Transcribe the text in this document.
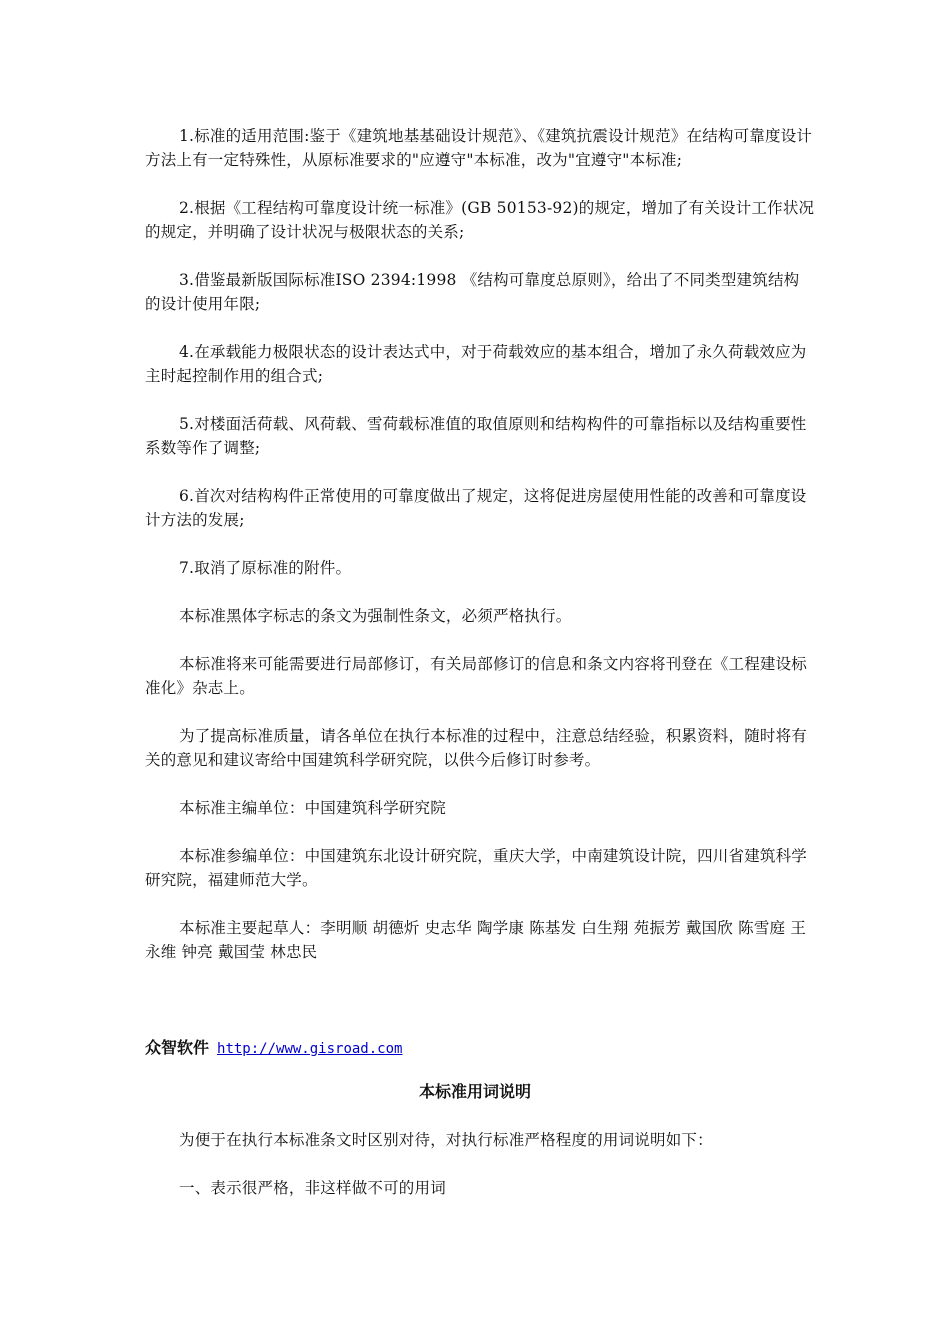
1.标准的适用范围:鉴于《建筑地基基础设计规范》、《建筑抗震设计规范》在结构可靠度设计方法上有一定特殊性，从原标准要求的"应遵守"本标准，改为"宜遵守"本标准;

2.根据《工程结构可靠度设计统一标准》(GB 50153-92)的规定，增加了有关设计工作状况的规定，并明确了设计状况与极限状态的关系;

3.借鉴最新版国际标准ISO 2394:1998 《结构可靠度总原则》，给出了不同类型建筑结构的设计使用年限;

4.在承载能力极限状态的设计表达式中，对于荷载效应的基本组合，增加了永久荷载效应为主时起控制作用的组合式;

5.对楼面活荷载、风荷载、雪荷载标准值的取值原则和结构构件的可靠指标以及结构重要性系数等作了调整;

6.首次对结构构件正常使用的可靠度做出了规定，这将促进房屋使用性能的改善和可靠度设计方法的发展;

7.取消了原标准的附件。

本标准黑体字标志的条文为强制性条文，必须严格执行。

本标准将来可能需要进行局部修订，有关局部修订的信息和条文内容将刊登在《工程建设标准化》杂志上。

为了提高标准质量，请各单位在执行本标准的过程中，注意总结经验，积累资料，随时将有关的意见和建议寄给中国建筑科学研究院，以供今后修订时参考。

本标准主编单位：中国建筑科学研究院

本标准参编单位：中国建筑东北设计研究院，重庆大学，中南建筑设计院，四川省建筑科学研究院，福建师范大学。

本标准主要起草人：李明顺 胡德炘 史志华 陶学康 陈基发 白生翔 苑振芳 戴国欣 陈雪庭 王永维 钟亮 戴国莹 林忠民

众智软件 http://www.gisroad.com
本标准用词说明

为便于在执行本标准条文时区别对待，对执行标准严格程度的用词说明如下：

一、表示很严格，非这样做不可的用词
